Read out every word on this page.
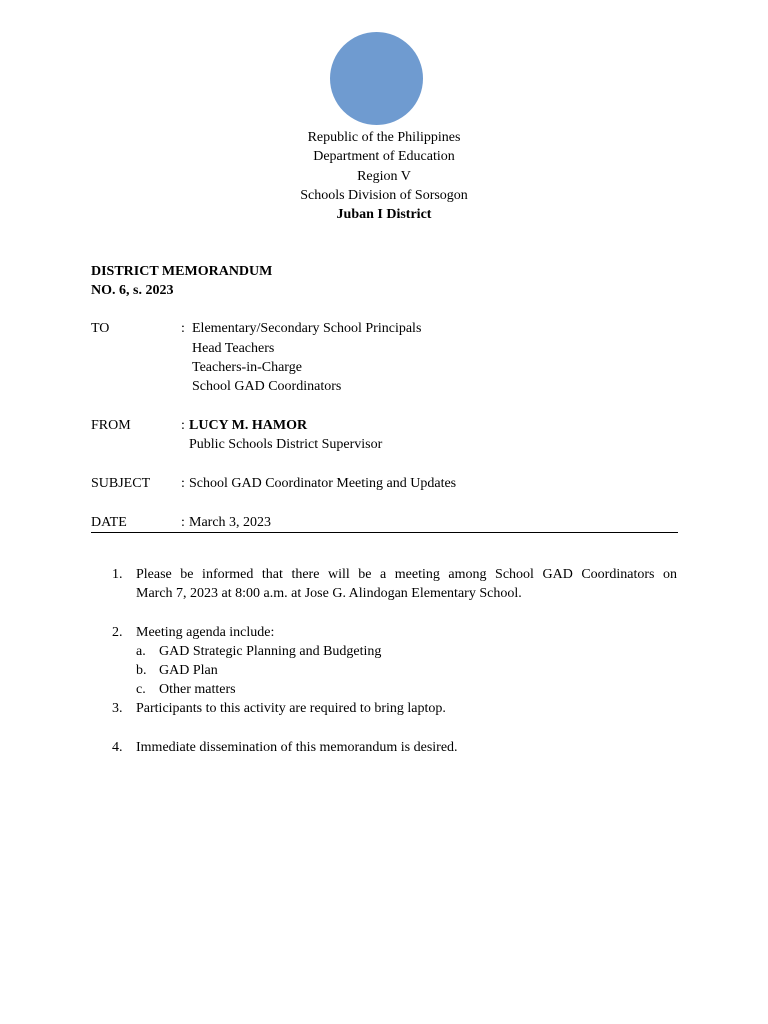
Republic of the Philippines
Department of Education
Region V
Schools Division of Sorsogon
Juban I District
DISTRICT MEMORANDUM
NO. 6, s. 2023
TO	: Elementary/Secondary School Principals
Head Teachers
Teachers-in-Charge
School GAD Coordinators
FROM	: LUCY M. HAMOR
Public Schools District Supervisor
SUBJECT : School GAD Coordinator Meeting and Updates
DATE	: March 3, 2023
1. Please be informed that there will be a meeting among School GAD Coordinators on
March 7, 2023 at 8:00 a.m. at Jose G. Alindogan Elementary School.
2. Meeting agenda include:
a. GAD Strategic Planning and Budgeting
b. GAD Plan
c. Other matters
3. Participants to this activity are required to bring laptop.
4. Immediate dissemination of this memorandum is desired.
